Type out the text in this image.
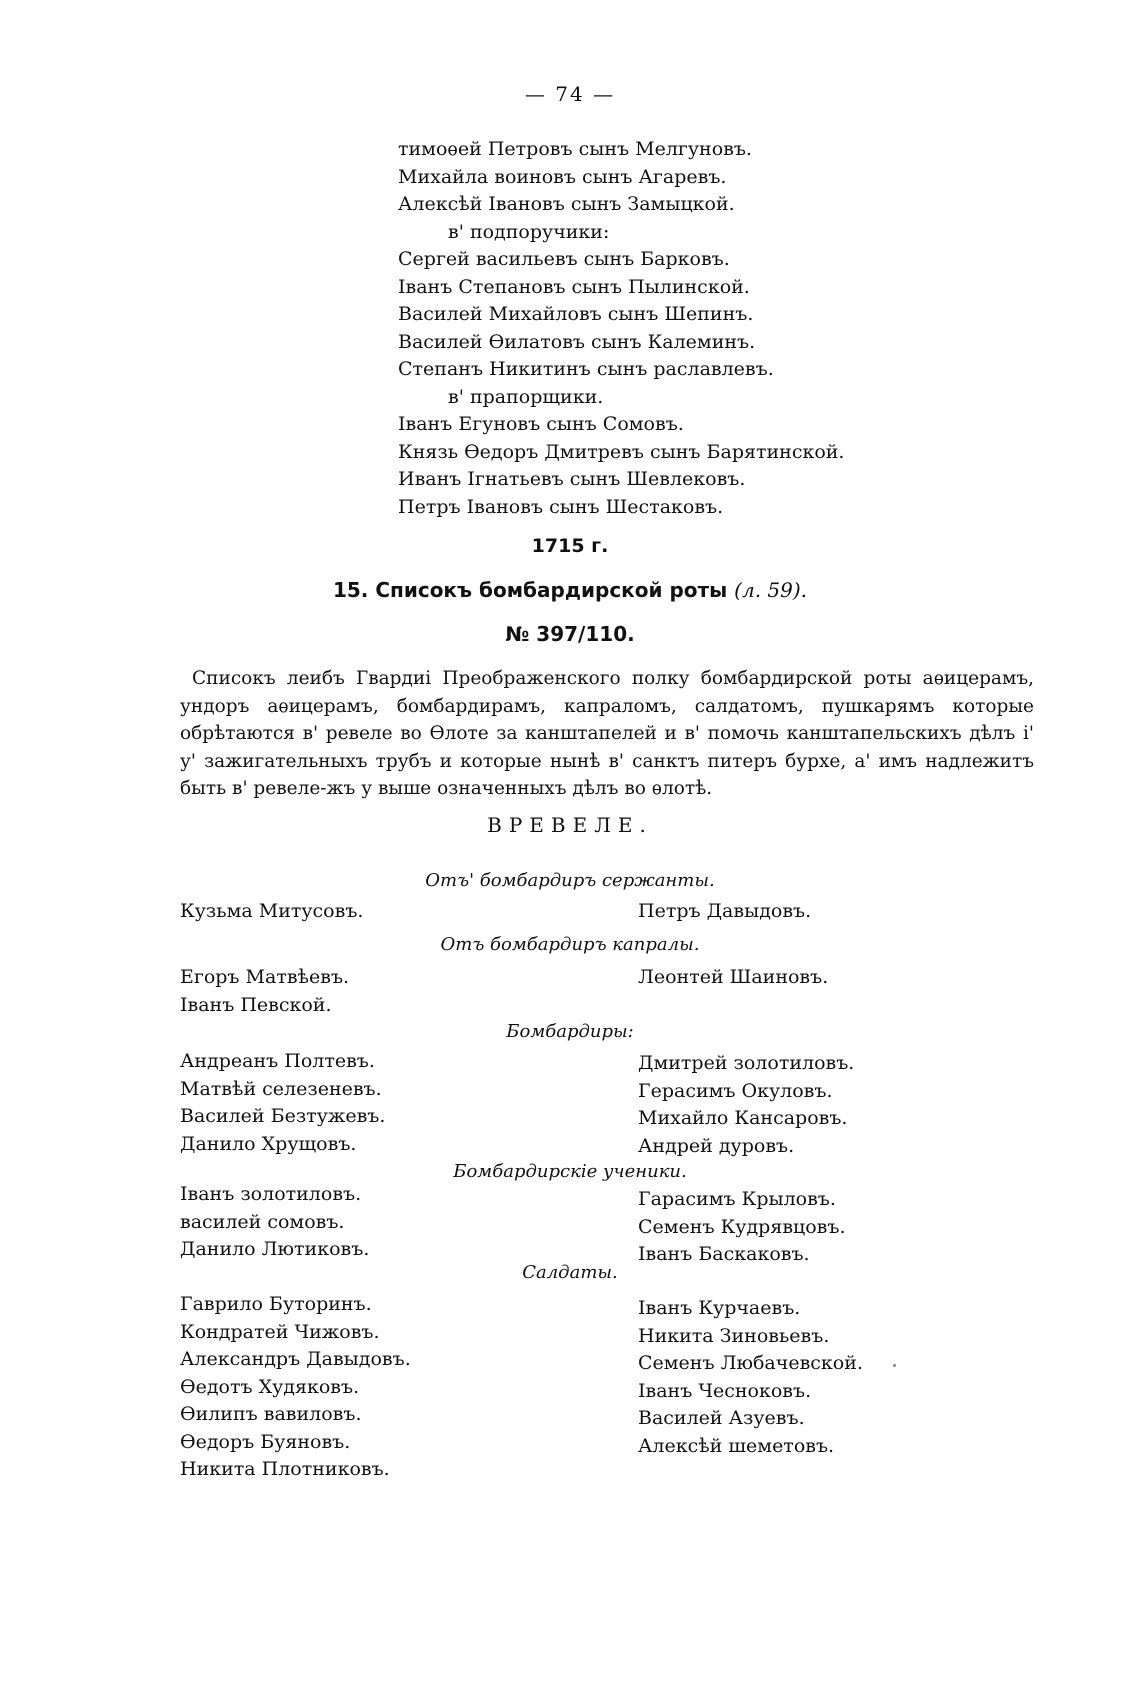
— 74 —
тимоѳей Петровъ сынъ Мелгуновъ.
Михайла воиновъ сынъ Агаревъ.
Алексѣй Івановъ сынъ Замыцкой.
в' подпоручики:
Сергей васильевъ сынъ Барковъ.
Іванъ Степановъ сынъ Пылинской.
Василей Михайловъ сынъ Шепинъ.
Василей Ѳилатовъ сынъ Калеминъ.
Степанъ Никитинъ сынъ раславлевъ.
в' прапорщики.
Іванъ Егуновъ сынъ Сомовъ.
Князь Ѳедоръ Дмитревъ сынъ Барятинской.
Иванъ Ігнатьевъ сынъ Шевлековъ.
Петръ Івановъ сынъ Шестаковъ.
1715 г.
15. Списокъ бомбардирской роты (л. 59).
№ 397/110.
Списокъ леибъ Гвардиі Преображенского полку бомбардирской роты аѳицерамъ, ундоръ аѳицерамъ, бомбардирамъ, капраломъ, салдатомъ, пушкарямъ которые обрѣтаются в' ревеле во Ѳлоте за канштапелей и в' помочь канштапельскихъ дѣлъ і' у' зажигательныхъ трубъ и которые нынѣ в' санктъ питеръ бурхе, а' имъ надлежитъ быть в' ревеле-жъ у выше означенныхъ дѣлъ во ѳлотѣ.
ВРЕВЕЛЕ.
Отъ' бомбардиръ сержанты.
Кузьма Митусовъ.	Петръ Давыдовъ.
Отъ бомбардиръ капралы.
Егоръ Матвѣевъ.
Іванъ Певской.
Леонтей Шаиновъ.
Бомбардиры:
Андреанъ Полтевъ.
Матвѣй селезеневъ.
Василей Безтужевъ.
Данило Хрущовъ.
Дмитрей золотиловъ.
Герасимъ Окуловъ.
Михайло Кансаровъ.
Андрей дуровъ.
Бомбардирскіе ученики.
Іванъ золотиловъ.
василей сомовъ.
Данило Лютиковъ.
Гарасимъ Крыловъ.
Семенъ Кудрявцовъ.
Іванъ Баскаковъ.
Салдаты.
Гаврило Буторинъ.
Кондратей Чижовъ.
Александръ Давыдовъ.
Ѳедотъ Худяковъ.
Ѳилипъ вавиловъ.
Ѳедоръ Буяновъ.
Никита Плотниковъ.
Іванъ Курчаевъ.
Никита Зиновьевъ.
Семенъ Любачевской.
Іванъ Чесноковъ.
Василей Азуевъ.
Алексѣй шеметовъ.
